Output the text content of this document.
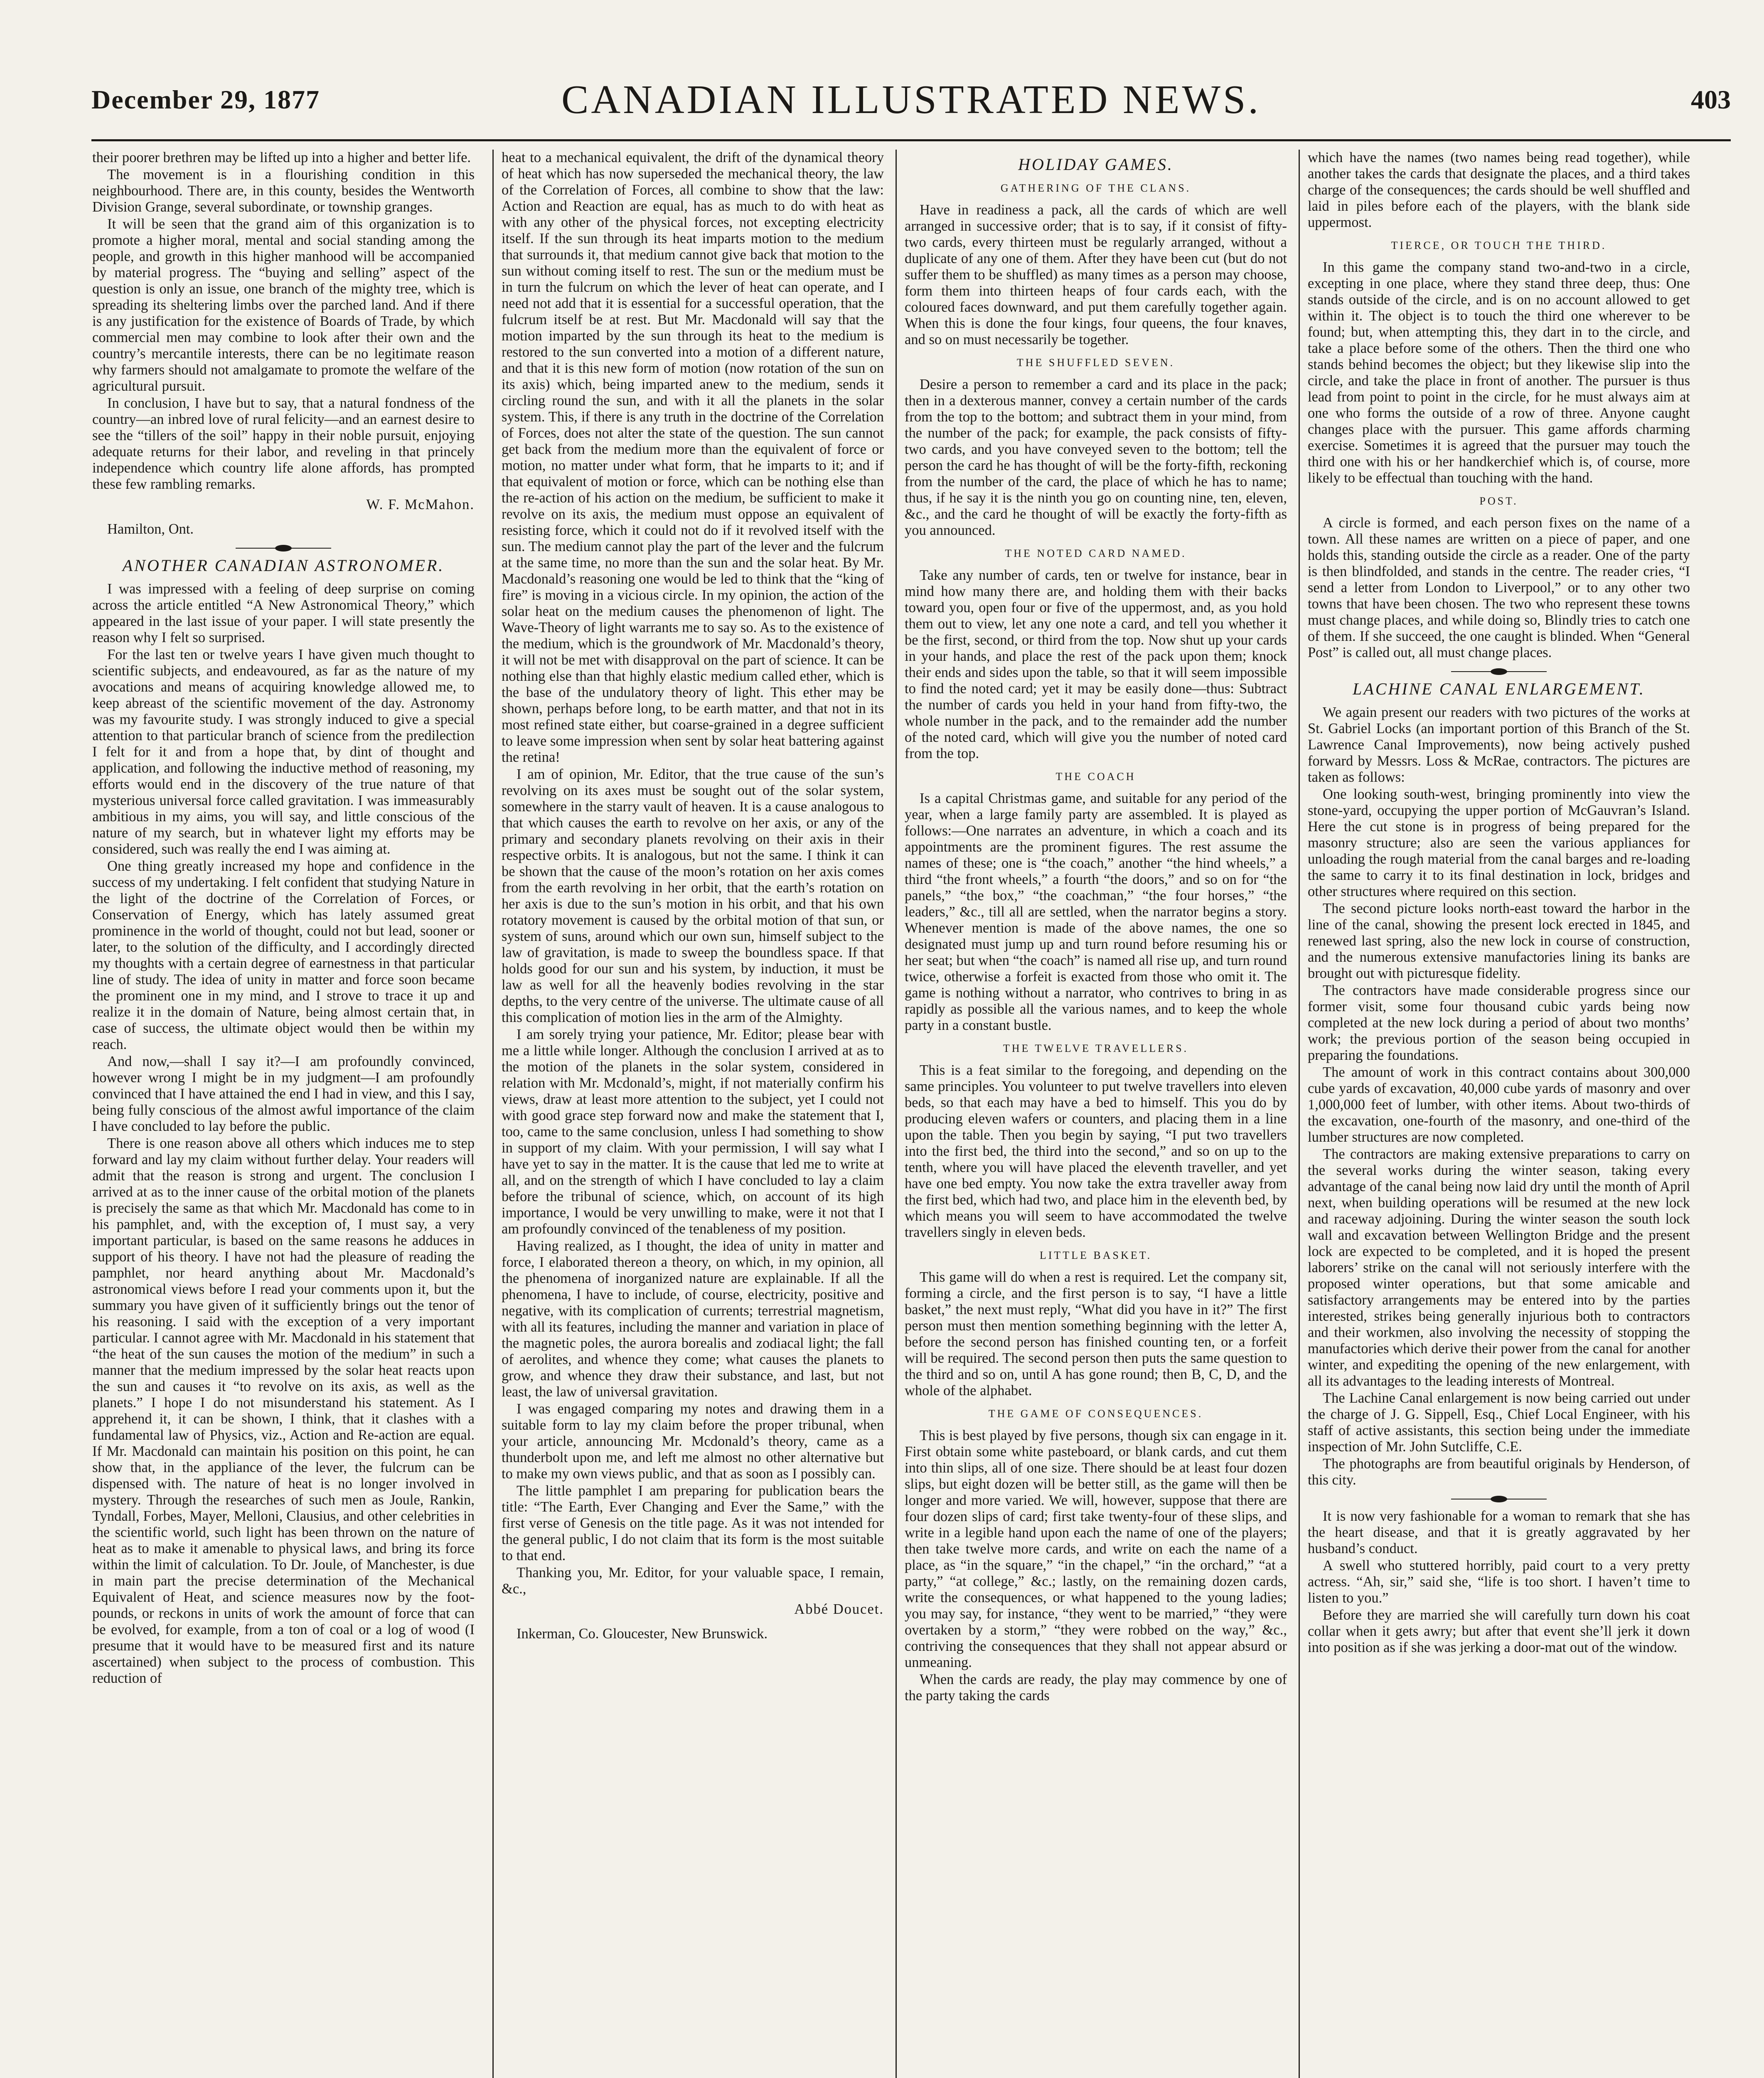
December 29, 1877	CANADIAN ILLUSTRATED NEWS.	403

their poorer brethren may be lifted up into a higher and better life.

The movement is in a flourishing condition in this neighbourhood. There are, in this county, besides the Wentworth Division Grange, several subordinate, or township granges.

It will be seen that the grand aim of this organization is to promote a higher moral, mental and social standing among the people, and growth in this higher manhood will be accompanied by material progress. The “buying and selling” aspect of the question is only an issue, one branch of the mighty tree, which is spreading its sheltering limbs over the parched land. And if there is any justification for the existence of Boards of Trade, by which commercial men may combine to look after their own and the country’s mercantile interests, there can be no legitimate reason why farmers should not amalgamate to promote the welfare of the agricultural pursuit.

In conclusion, I have but to say, that a natural fondness of the country—an inbred love of rural felicity—and an earnest desire to see the “tillers of the soil” happy in their noble pursuit, enjoying adequate returns for their labor, and reveling in that princely independence which country life alone affords, has prompted these few rambling remarks.

W. F. McMahon.

Hamilton, Ont.

ANOTHER CANADIAN ASTRONOMER.

I was impressed with a feeling of deep surprise on coming across the article entitled “A New Astronomical Theory,” which appeared in the last issue of your paper. I will state presently the reason why I felt so surprised.

For the last ten or twelve years I have given much thought to scientific subjects, and endeavoured, as far as the nature of my avocations and means of acquiring knowledge allowed me, to keep abreast of the scientific movement of the day. Astronomy was my favourite study. I was strongly induced to give a special attention to that particular branch of science from the predilection I felt for it and from a hope that, by dint of thought and application, and following the inductive method of reasoning, my efforts would end in the discovery of the true nature of that mysterious universal force called gravitation. I was immeasurably ambitious in my aims, you will say, and little conscious of the nature of my search, but in whatever light my efforts may be considered, such was really the end I was aiming at.

One thing greatly increased my hope and confidence in the success of my undertaking. I felt confident that studying Nature in the light of the doctrine of the Correlation of Forces, or Conservation of Energy, which has lately assumed great prominence in the world of thought, could not but lead, sooner or later, to the solution of the difficulty, and I accordingly directed my thoughts with a certain degree of earnestness in that particular line of study. The idea of unity in matter and force soon became the prominent one in my mind, and I strove to trace it up and realize it in the domain of Nature, being almost certain that, in case of success, the ultimate object would then be within my reach.

And now,—shall I say it?—I am profoundly convinced, however wrong I might be in my judgment—I am profoundly convinced that I have attained the end I had in view, and this I say, being fully conscious of the almost awful importance of the claim I have concluded to lay before the public.

There is one reason above all others which induces me to step forward and lay my claim without further delay. Your readers will admit that the reason is strong and urgent. The conclusion I arrived at as to the inner cause of the orbital motion of the planets is precisely the same as that which Mr. Macdonald has come to in his pamphlet, and, with the exception of, I must say, a very important particular, is based on the same reasons he adduces in support of his theory. I have not had the pleasure of reading the pamphlet, nor heard anything about Mr. Macdonald’s astronomical views before I read your comments upon it, but the summary you have given of it sufficiently brings out the tenor of his reasoning. I said with the exception of a very important particular. I cannot agree with Mr. Macdonald in his statement that “the heat of the sun causes the motion of the medium” in such a manner that the medium impressed by the solar heat reacts upon the sun and causes it “to revolve on its axis, as well as the planets.” I hope I do not misunderstand his statement. As I apprehend it, it can be shown, I think, that it clashes with a fundamental law of Physics, viz., Action and Re-action are equal. If Mr. Macdonald can maintain his position on this point, he can show that, in the appliance of the lever, the fulcrum can be dispensed with. The nature of heat is no longer involved in mystery. Through the researches of such men as Joule, Rankin, Tyndall, Forbes, Mayer, Melloni, Clausius, and other celebrities in the scientific world, such light has been thrown on the nature of heat as to make it amenable to physical laws, and bring its force within the limit of calculation. To Dr. Joule, of Manchester, is due in main part the precise determination of the Mechanical Equivalent of Heat, and science measures now by the foot-pounds, or reckons in units of work the amount of force that can be evolved, for example, from a ton of coal or a log of wood (I presume that it would have to be measured first and its nature ascertained) when subject to the process of combustion. This reduction of

heat to a mechanical equivalent, the drift of the dynamical theory of heat which has now superseded the mechanical theory, the law of the Correlation of Forces, all combine to show that the law: Action and Reaction are equal, has as much to do with heat as with any other of the physical forces, not excepting electricity itself. If the sun through its heat imparts motion to the medium that surrounds it, that medium cannot give back that motion to the sun without coming itself to rest. The sun or the medium must be in turn the fulcrum on which the lever of heat can operate, and I need not add that it is essential for a successful operation, that the fulcrum itself be at rest. But Mr. Macdonald will say that the motion imparted by the sun through its heat to the medium is restored to the sun converted into a motion of a different nature, and that it is this new form of motion (now rotation of the sun on its axis) which, being imparted anew to the medium, sends it circling round the sun, and with it all the planets in the solar system. This, if there is any truth in the doctrine of the Correlation of Forces, does not alter the state of the question. The sun cannot get back from the medium more than the equivalent of force or motion, no matter under what form, that he imparts to it; and if that equivalent of motion or force, which can be nothing else than the re-action of his action on the medium, be sufficient to make it revolve on its axis, the medium must oppose an equivalent of resisting force, which it could not do if it revolved itself with the sun. The medium cannot play the part of the lever and the fulcrum at the same time, no more than the sun and the solar heat. By Mr. Macdonald’s reasoning one would be led to think that the “king of fire” is moving in a vicious circle. In my opinion, the action of the solar heat on the medium causes the phenomenon of light. The Wave-Theory of light warrants me to say so. As to the existence of the medium, which is the groundwork of Mr. Macdonald’s theory, it will not be met with disapproval on the part of science. It can be nothing else than that highly elastic medium called ether, which is the base of the undulatory theory of light. This ether may be shown, perhaps before long, to be earth matter, and that not in its most refined state either, but coarse-grained in a degree sufficient to leave some impression when sent by solar heat battering against the retina!

I am of opinion, Mr. Editor, that the true cause of the sun’s revolving on its axes must be sought out of the solar system, somewhere in the starry vault of heaven. It is a cause analogous to that which causes the earth to revolve on her axis, or any of the primary and secondary planets revolving on their axis in their respective orbits. It is analogous, but not the same. I think it can be shown that the cause of the moon’s rotation on her axis comes from the earth revolving in her orbit, that the earth’s rotation on her axis is due to the sun’s motion in his orbit, and that his own rotatory movement is caused by the orbital motion of that sun, or system of suns, around which our own sun, himself subject to the law of gravitation, is made to sweep the boundless space. If that holds good for our sun and his system, by induction, it must be law as well for all the heavenly bodies revolving in the star depths, to the very centre of the universe. The ultimate cause of all this complication of motion lies in the arm of the Almighty.

I am sorely trying your patience, Mr. Editor; please bear with me a little while longer. Although the conclusion I arrived at as to the motion of the planets in the solar system, considered in relation with Mr. Mcdonald’s, might, if not materially confirm his views, draw at least more attention to the subject, yet I could not with good grace step forward now and make the statement that I, too, came to the same conclusion, unless I had something to show in support of my claim. With your permission, I will say what I have yet to say in the matter. It is the cause that led me to write at all, and on the strength of which I have concluded to lay a claim before the tribunal of science, which, on account of its high importance, I would be very unwilling to make, were it not that I am profoundly convinced of the tenableness of my position.

Having realized, as I thought, the idea of unity in matter and force, I elaborated thereon a theory, on which, in my opinion, all the phenomena of inorganized nature are explainable. If all the phenomena, I have to include, of course, electricity, positive and negative, with its complication of currents; terrestrial magnetism, with all its features, including the manner and variation in place of the magnetic poles, the aurora borealis and zodiacal light; the fall of aerolites, and whence they come; what causes the planets to grow, and whence they draw their substance, and last, but not least, the law of universal gravitation.

I was engaged comparing my notes and drawing them in a suitable form to lay my claim before the proper tribunal, when your article, announcing Mr. Mcdonald’s theory, came as a thunderbolt upon me, and left me almost no other alternative but to make my own views public, and that as soon as I possibly can.

The little pamphlet I am preparing for publication bears the title: “The Earth, Ever Changing and Ever the Same,” with the first verse of Genesis on the title page. As it was not intended for the general public, I do not claim that its form is the most suitable to that end.

Thanking you, Mr. Editor, for your valuable space, I remain, &c.,

Abbé Doucet.

Inkerman, Co. Gloucester, New Brunswick.

HOLIDAY GAMES.

GATHERING OF THE CLANS.

Have in readiness a pack, all the cards of which are well arranged in successive order; that is to say, if it consist of fifty-two cards, every thirteen must be regularly arranged, without a duplicate of any one of them. After they have been cut (but do not suffer them to be shuffled) as many times as a person may choose, form them into thirteen heaps of four cards each, with the coloured faces downward, and put them carefully together again. When this is done the four kings, four queens, the four knaves, and so on must necessarily be together.

THE SHUFFLED SEVEN.

Desire a person to remember a card and its place in the pack; then in a dexterous manner, convey a certain number of the cards from the top to the bottom; and subtract them in your mind, from the number of the pack; for example, the pack consists of fifty-two cards, and you have conveyed seven to the bottom; tell the person the card he has thought of will be the forty-fifth, reckoning from the number of the card, the place of which he has to name; thus, if he say it is the ninth you go on counting nine, ten, eleven, &c., and the card he thought of will be exactly the forty-fifth as you announced.

THE NOTED CARD NAMED.

Take any number of cards, ten or twelve for instance, bear in mind how many there are, and holding them with their backs toward you, open four or five of the uppermost, and, as you hold them out to view, let any one note a card, and tell you whether it be the first, second, or third from the top. Now shut up your cards in your hands, and place the rest of the pack upon them; knock their ends and sides upon the table, so that it will seem impossible to find the noted card; yet it may be easily done—thus: Subtract the number of cards you held in your hand from fifty-two, the whole number in the pack, and to the remainder add the number of the noted card, which will give you the number of noted card from the top.

THE COACH

Is a capital Christmas game, and suitable for any period of the year, when a large family party are assembled. It is played as follows:—One narrates an adventure, in which a coach and its appointments are the prominent figures. The rest assume the names of these; one is “the coach,” another “the hind wheels,” a third “the front wheels,” a fourth “the doors,” and so on for “the panels,” “the box,” “the coachman,” “the four horses,” “the leaders,” &c., till all are settled, when the narrator begins a story. Whenever mention is made of the above names, the one so designated must jump up and turn round before resuming his or her seat; but when “the coach” is named all rise up, and turn round twice, otherwise a forfeit is exacted from those who omit it. The game is nothing without a narrator, who contrives to bring in as rapidly as possible all the various names, and to keep the whole party in a constant bustle.

THE TWELVE TRAVELLERS.

This is a feat similar to the foregoing, and depending on the same principles. You volunteer to put twelve travellers into eleven beds, so that each may have a bed to himself. This you do by producing eleven wafers or counters, and placing them in a line upon the table. Then you begin by saying, “I put two travellers into the first bed, the third into the second,” and so on up to the tenth, where you will have placed the eleventh traveller, and yet have one bed empty. You now take the extra traveller away from the first bed, which had two, and place him in the eleventh bed, by which means you will seem to have accommodated the twelve travellers singly in eleven beds.

LITTLE BASKET.

This game will do when a rest is required. Let the company sit, forming a circle, and the first person is to say, “I have a little basket,” the next must reply, “What did you have in it?” The first person must then mention something beginning with the letter A, before the second person has finished counting ten, or a forfeit will be required. The second person then puts the same question to the third and so on, until A has gone round; then B, C, D, and the whole of the alphabet.

THE GAME OF CONSEQUENCES.

This is best played by five persons, though six can engage in it. First obtain some white pasteboard, or blank cards, and cut them into thin slips, all of one size. There should be at least four dozen slips, but eight dozen will be better still, as the game will then be longer and more varied. We will, however, suppose that there are four dozen slips of card; first take twenty-four of these slips, and write in a legible hand upon each the name of one of the players; then take twelve more cards, and write on each the name of a place, as “in the square,” “in the chapel,” “in the orchard,” “at a party,” “at college,” &c.; lastly, on the remaining dozen cards, write the consequences, or what happened to the young ladies; you may say, for instance, “they went to be married,” “they were overtaken by a storm,” “they were robbed on the way,” &c., contriving the consequences that they shall not appear absurd or unmeaning.

When the cards are ready, the play may commence by one of the party taking the cards

which have the names (two names being read together), while another takes the cards that designate the places, and a third takes charge of the consequences; the cards should be well shuffled and laid in piles before each of the players, with the blank side uppermost.

TIERCE, OR TOUCH THE THIRD.

In this game the company stand two-and-two in a circle, excepting in one place, where they stand three deep, thus: One stands outside of the circle, and is on no account allowed to get within it. The object is to touch the third one wherever to be found; but, when attempting this, they dart in to the circle, and take a place before some of the others. Then the third one who stands behind becomes the object; but they likewise slip into the circle, and take the place in front of another. The pursuer is thus lead from point to point in the circle, for he must always aim at one who forms the outside of a row of three. Anyone caught changes place with the pursuer. This game affords charming exercise. Sometimes it is agreed that the pursuer may touch the third one with his or her handkerchief which is, of course, more likely to be effectual than touching with the hand.

POST.

A circle is formed, and each person fixes on the name of a town. All these names are written on a piece of paper, and one holds this, standing outside the circle as a reader. One of the party is then blindfolded, and stands in the centre. The reader cries, “I send a letter from London to Liverpool,” or to any other two towns that have been chosen. The two who represent these towns must change places, and while doing so, Blindly tries to catch one of them. If she succeed, the one caught is blinded. When “General Post” is called out, all must change places.

LACHINE CANAL ENLARGEMENT.

We again present our readers with two pictures of the works at St. Gabriel Locks (an important portion of this Branch of the St. Lawrence Canal Improvements), now being actively pushed forward by Messrs. Loss & McRae, contractors. The pictures are taken as follows:

One looking south-west, bringing prominently into view the stone-yard, occupying the upper portion of McGauvran’s Island. Here the cut stone is in progress of being prepared for the masonry structure; also are seen the various appliances for unloading the rough material from the canal barges and re-loading the same to carry it to its final destination in lock, bridges and other structures where required on this section.

The second picture looks north-east toward the harbor in the line of the canal, showing the present lock erected in 1845, and renewed last spring, also the new lock in course of construction, and the numerous extensive manufactories lining its banks are brought out with picturesque fidelity.

The contractors have made considerable progress since our former visit, some four thousand cubic yards being now completed at the new lock during a period of about two months’ work; the previous portion of the season being occupied in preparing the foundations.

The amount of work in this contract contains about 300,000 cube yards of excavation, 40,000 cube yards of masonry and over 1,000,000 feet of lumber, with other items. About two-thirds of the excavation, one-fourth of the masonry, and one-third of the lumber structures are now completed.

The contractors are making extensive preparations to carry on the several works during the winter season, taking every advantage of the canal being now laid dry until the month of April next, when building operations will be resumed at the new lock and raceway adjoining. During the winter season the south lock wall and excavation between Wellington Bridge and the present lock are expected to be completed, and it is hoped the present laborers’ strike on the canal will not seriously interfere with the proposed winter operations, but that some amicable and satisfactory arrangements may be entered into by the parties interested, strikes being generally injurious both to contractors and their workmen, also involving the necessity of stopping the manufactories which derive their power from the canal for another winter, and expediting the opening of the new enlargement, with all its advantages to the leading interests of Montreal.

The Lachine Canal enlargement is now being carried out under the charge of J. G. Sippell, Esq., Chief Local Engineer, with his staff of active assistants, this section being under the immediate inspection of Mr. John Sutcliffe, C.E.

The photographs are from beautiful originals by Henderson, of this city.

It is now very fashionable for a woman to remark that she has the heart disease, and that it is greatly aggravated by her husband’s conduct.

A swell who stuttered horribly, paid court to a very pretty actress. “Ah, sir,” said she, “life is too short. I haven’t time to listen to you.”

Before they are married she will carefully turn down his coat collar when it gets awry; but after that event she’ll jerk it down into position as if she was jerking a door-mat out of the window.
